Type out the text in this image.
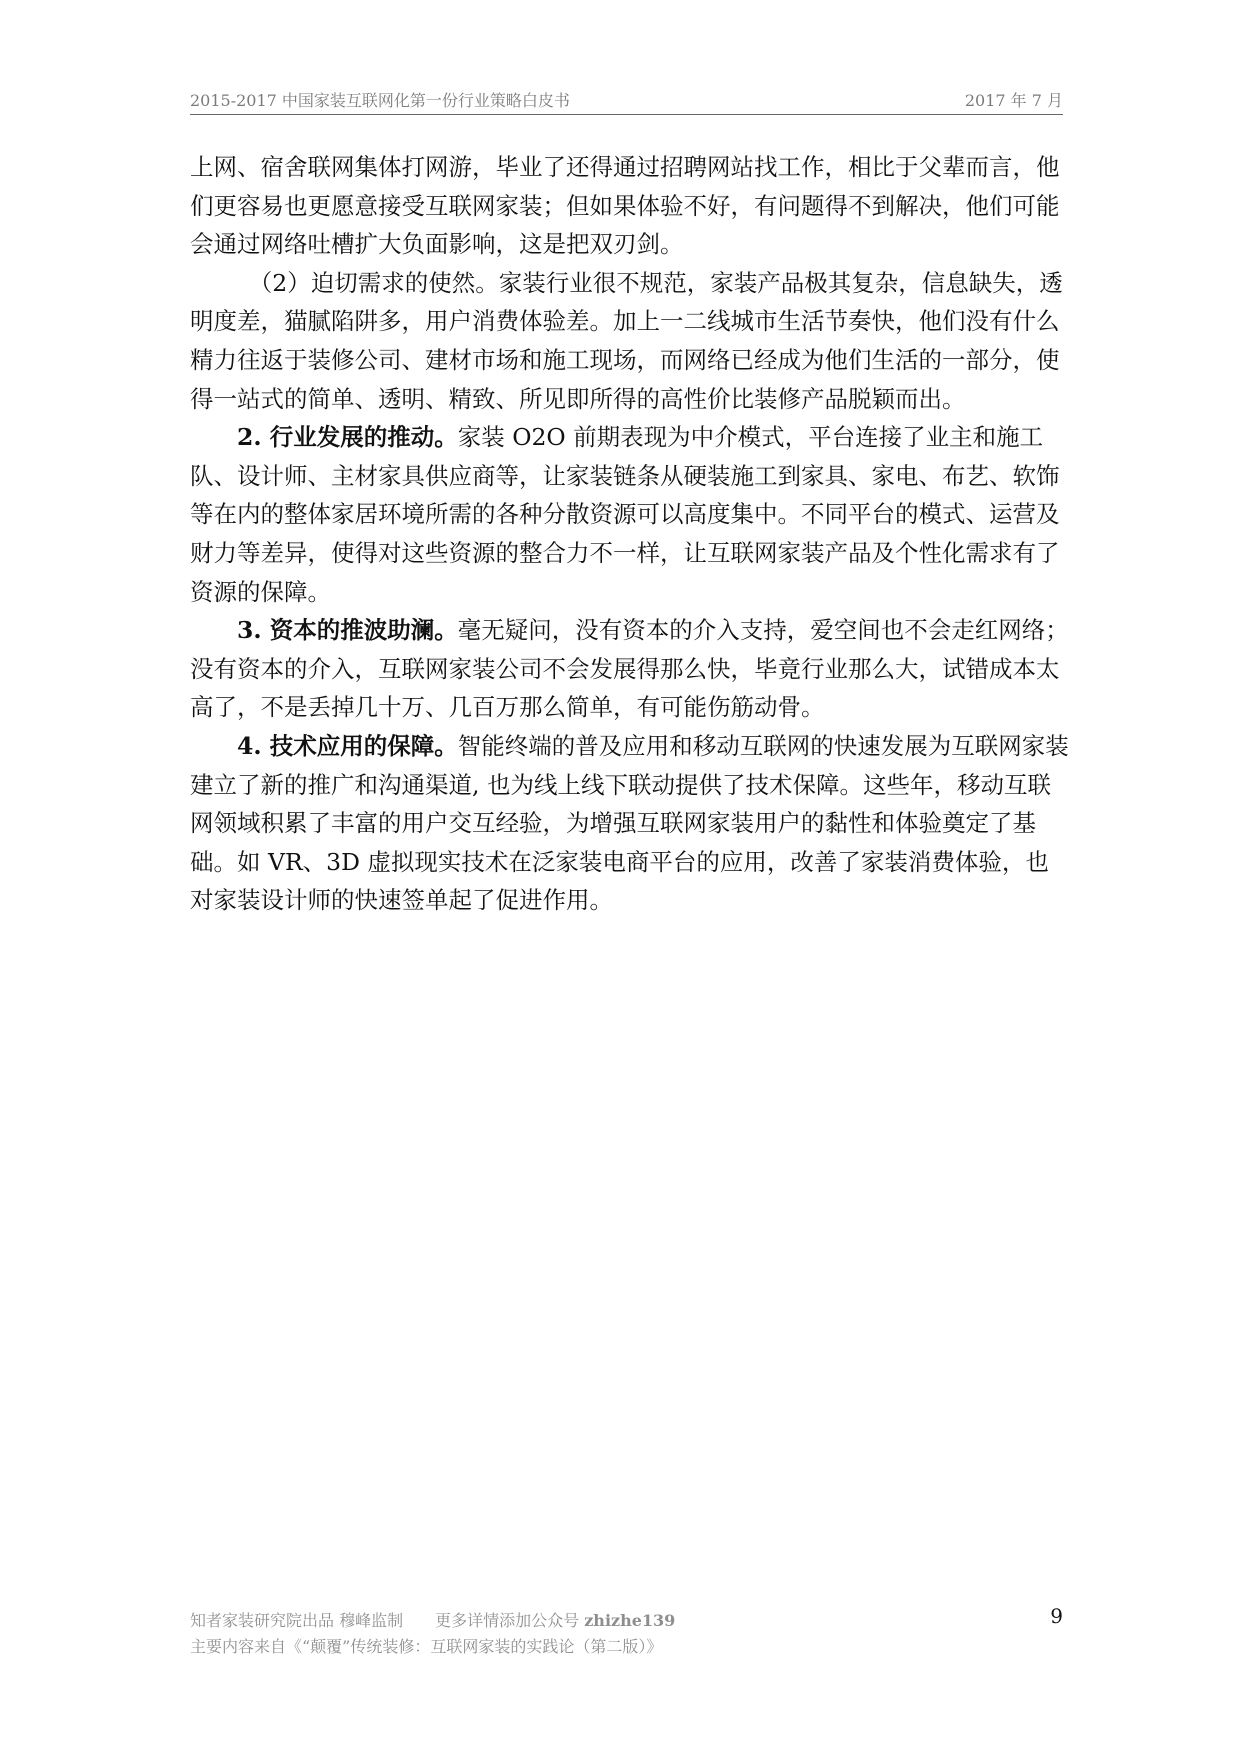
2015-2017 中国家装互联网化第一份行业策略白皮书	2017 年 7 月

上网、宿舍联网集体打网游，毕业了还得通过招聘网站找工作，相比于父辈而言，他们更容易也更愿意接受互联网家装；但如果体验不好，有问题得不到解决，他们可能会通过网络吐槽扩大负面影响，这是把双刃剑。

（2）迫切需求的使然。家装行业很不规范，家装产品极其复杂，信息缺失，透明度差，猫腻陷阱多，用户消费体验差。加上一二线城市生活节奏快，他们没有什么精力往返于装修公司、建材市场和施工现场，而网络已经成为他们生活的一部分，使得一站式的简单、透明、精致、所见即所得的高性价比装修产品脱颖而出。

2. 行业发展的推动。家装 O2O 前期表现为中介模式，平台连接了业主和施工队、设计师、主材家具供应商等，让家装链条从硬装施工到家具、家电、布艺、软饰等在内的整体家居环境所需的各种分散资源可以高度集中。不同平台的模式、运营及财力等差异，使得对这些资源的整合力不一样，让互联网家装产品及个性化需求有了资源的保障。

3. 资本的推波助澜。毫无疑问，没有资本的介入支持，爱空间也不会走红网络；没有资本的介入，互联网家装公司不会发展得那么快，毕竟行业那么大，试错成本太高了，不是丢掉几十万、几百万那么简单，有可能伤筋动骨。

4. 技术应用的保障。智能终端的普及应用和移动互联网的快速发展为互联网家装建立了新的推广和沟通渠道, 也为线上线下联动提供了技术保障。这些年，移动互联网领域积累了丰富的用户交互经验，为增强互联网家装用户的黏性和体验奠定了基础。如 VR、3D 虚拟现实技术在泛家装电商平台的应用，改善了家装消费体验，也对家装设计师的快速签单起了促进作用。

知者家装研究院出品 穆峰监制　　 更多详情添加公众号 zhizhe139
主要内容来自《“颠覆”传统装修：互联网家装的实践论（第二版）》
9
